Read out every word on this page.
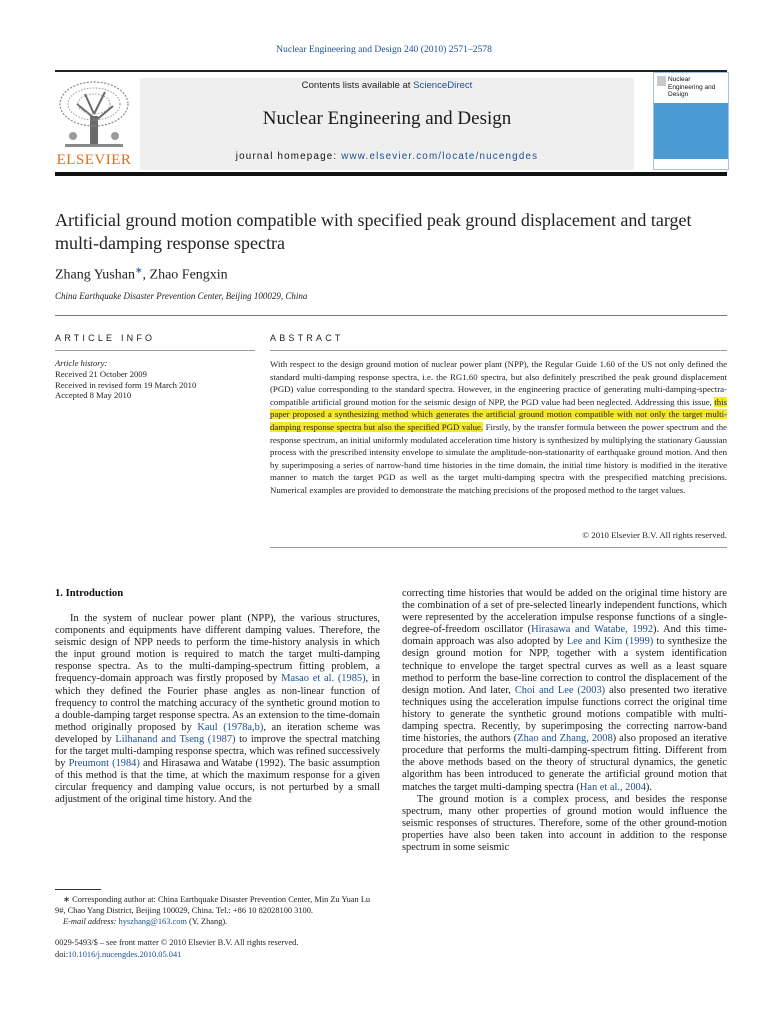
Nuclear Engineering and Design 240 (2010) 2571–2578
ELSEVIER
Contents lists available at ScienceDirect
Nuclear Engineering and Design
journal homepage: www.elsevier.com/locate/nucengdes
Nuclear Engineering and Design
Artificial ground motion compatible with specified peak ground displacement and target multi-damping response spectra
Zhang Yushan∗, Zhao Fengxin
China Earthquake Disaster Prevention Center, Beijing 100029, China
ARTICLE INFO
Article history:
Received 21 October 2009
Received in revised form 19 March 2010
Accepted 8 May 2010
ABSTRACT
With respect to the design ground motion of nuclear power plant (NPP), the Regular Guide 1.60 of the US not only defined the standard multi-damping response spectra, i.e. the RG1.60 spectra, but also definitely prescribed the peak ground displacement (PGD) value corresponding to the standard spectra. However, in the engineering practice of generating multi-damping-spectra-compatible artificial ground motion for the seismic design of NPP, the PGD value had been neglected. Addressing this issue, this paper proposed a synthesizing method which generates the artificial ground motion compatible with not only the target multi-damping response spectra but also the specified PGD value. Firstly, by the transfer formula between the power spectrum and the response spectrum, an initial uniformly modulated acceleration time history is synthesized by multiplying the stationary Gaussian process with the prescribed intensity envelope to simulate the amplitude-non-stationarity of earthquake ground motion. And then by superimposing a series of narrow-band time histories in the time domain, the initial time history is modified in the iterative manner to match the target PGD as well as the target multi-damping spectra with the prespecified matching precisions. Numerical examples are provided to demonstrate the matching precisions of the proposed method to the target values.
© 2010 Elsevier B.V. All rights reserved.
1. Introduction

In the system of nuclear power plant (NPP), the various structures, components and equipments have different damping values. Therefore, the seismic design of NPP needs to perform the time-history analysis in which the input ground motion is required to match the target multi-damping response spectra. As to the multi-damping-spectrum fitting problem, a frequency-domain approach was firstly proposed by Masao et al. (1985), in which they defined the Fourier phase angles as non-linear function of frequency to control the matching accuracy of the synthetic ground motion to a double-damping target response spectra. As an extension to the time-domain method originally proposed by Kaul (1978a,b), an iteration scheme was developed by Lilhanand and Tseng (1987) to improve the spectral matching for the target multi-damping response spectra, which was refined successively by Preumont (1984) and Hirasawa and Watabe (1992). The basic assumption of this method is that the time, at which the maximum response for a given circular frequency and damping value occurs, is not perturbed by a small adjustment of the original time history. And the

correcting time histories that would be added on the original time history are the combination of a set of pre-selected linearly independent functions, which were represented by the acceleration impulse response functions of a single-degree-of-freedom oscillator (Hirasawa and Watabe, 1992). And this time-domain approach was also adopted by Lee and Kim (1999) to synthesize the design ground motion for NPP, together with a system identification technique to envelope the target spectral curves as well as a least square method to perform the base-line correction to control the displacement of the design motion. And later, Choi and Lee (2003) also presented two iterative techniques using the acceleration impulse functions correct the original time history to generate the synthetic ground motions compatible with multi-damping spectra. Recently, by superimposing the correcting narrow-band time histories, the authors (Zhao and Zhang, 2008) also proposed an iterative procedure that performs the multi-damping-spectrum fitting. Different from the above methods based on the theory of structural dynamics, the genetic algorithm has been introduced to generate the artificial ground motion that matches the target multi-damping spectra (Han et al., 2004).

The ground motion is a complex process, and besides the response spectrum, many other properties of ground motion would influence the seismic responses of structures. Therefore, some of the other ground-motion properties have also been taken into account in addition to the response spectrum in some seismic

∗ Corresponding author at: China Earthquake Disaster Prevention Center, Min Zu Yuan Lu 9#, Chao Yang District, Beijing 100029, China. Tel.: +86 10 82028100 3100.
E-mail address: hyszhang@163.com (Y. Zhang).
0029-5493/$ – see front matter © 2010 Elsevier B.V. All rights reserved.
doi:10.1016/j.nucengdes.2010.05.041
